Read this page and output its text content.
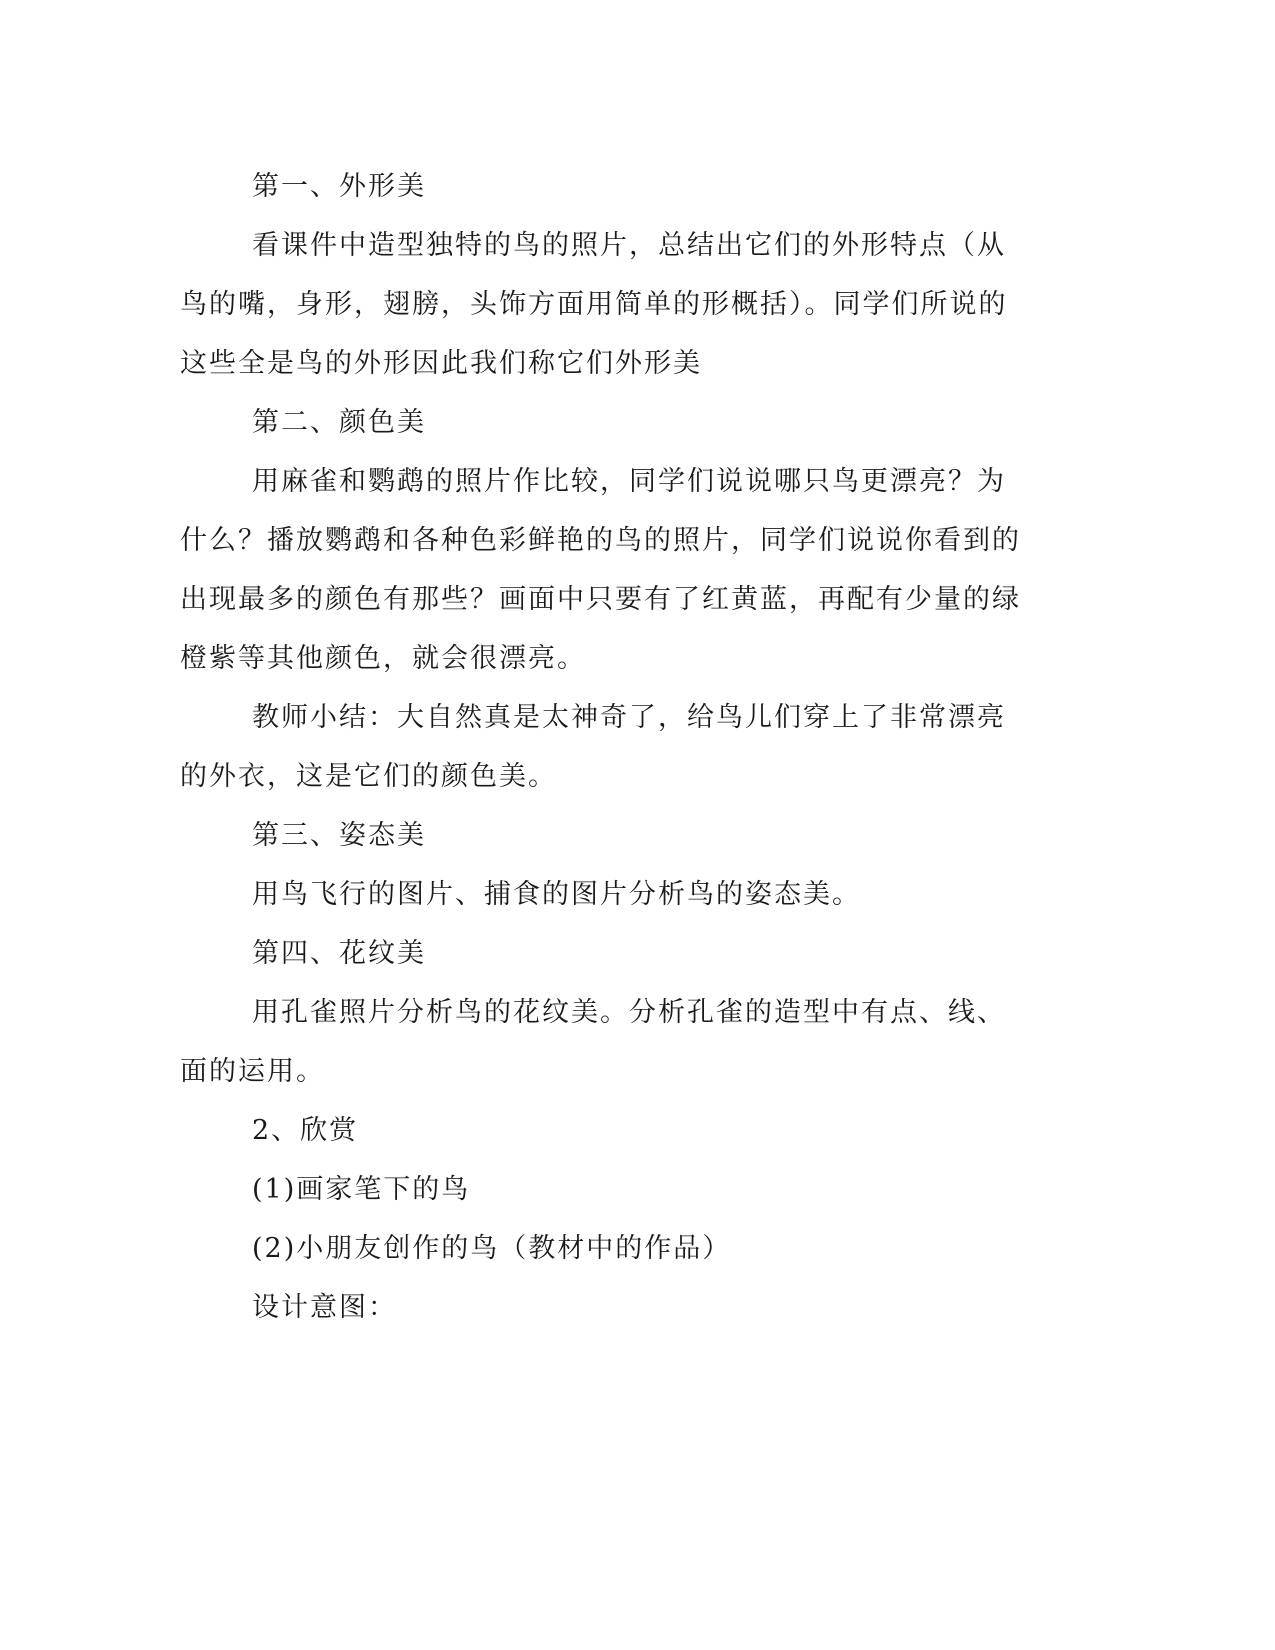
第一、外形美

看课件中造型独特的鸟的照片，总结出它们的外形特点（从鸟的嘴，身形，翅膀，头饰方面用简单的形概括）。同学们所说的这些全是鸟的外形因此我们称它们外形美

第二、颜色美

用麻雀和鹦鹉的照片作比较，同学们说说哪只鸟更漂亮？为什么？播放鹦鹉和各种色彩鲜艳的鸟的照片，同学们说说你看到的出现最多的颜色有那些？画面中只要有了红黄蓝，再配有少量的绿橙紫等其他颜色，就会很漂亮。

教师小结：大自然真是太神奇了，给鸟儿们穿上了非常漂亮的外衣，这是它们的颜色美。

第三、姿态美

用鸟飞行的图片、捕食的图片分析鸟的姿态美。

第四、花纹美

用孔雀照片分析鸟的花纹美。分析孔雀的造型中有点、线、面的运用。

2、欣赏

(1)画家笔下的鸟

(2)小朋友创作的鸟（教材中的作品）

设计意图：
